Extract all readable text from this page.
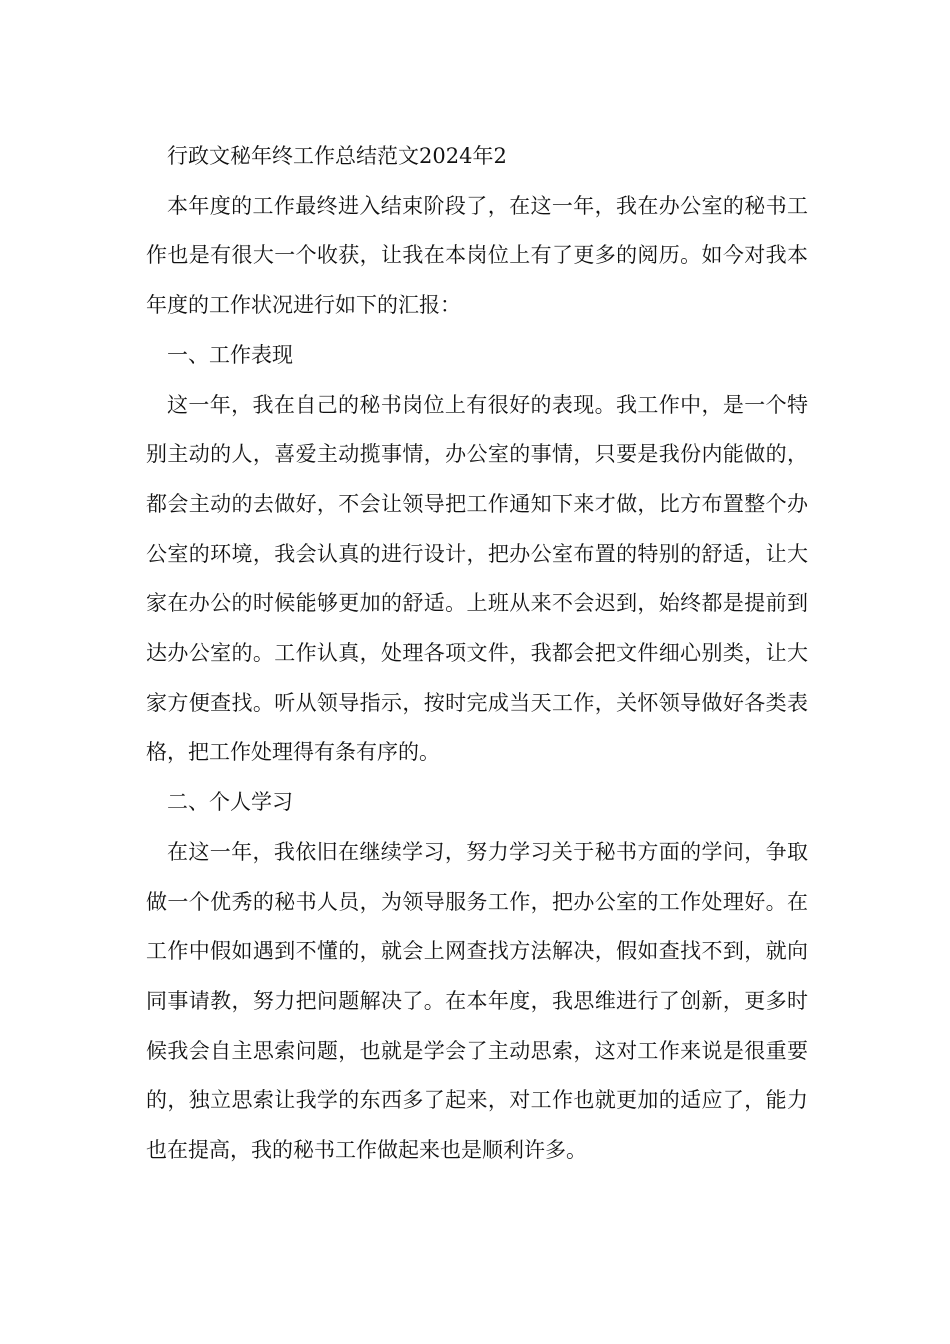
行政文秘年终工作总结范文2024年2

本年度的工作最终进入结束阶段了，在这一年，我在办公室的秘书工作也是有很大一个收获，让我在本岗位上有了更多的阅历。如今对我本年度的工作状况进行如下的汇报：

一、工作表现

这一年，我在自己的秘书岗位上有很好的表现。我工作中，是一个特别主动的人，喜爱主动揽事情，办公室的事情，只要是我份内能做的，都会主动的去做好，不会让领导把工作通知下来才做，比方布置整个办公室的环境，我会认真的进行设计，把办公室布置的特别的舒适，让大家在办公的时候能够更加的舒适。上班从来不会迟到，始终都是提前到达办公室的。工作认真，处理各项文件，我都会把文件细心别类，让大家方便查找。听从领导指示，按时完成当天工作，关怀领导做好各类表格，把工作处理得有条有序的。

二、个人学习

在这一年，我依旧在继续学习，努力学习关于秘书方面的学问，争取做一个优秀的秘书人员，为领导服务工作，把办公室的工作处理好。在工作中假如遇到不懂的，就会上网查找方法解决，假如查找不到，就向同事请教，努力把问题解决了。在本年度，我思维进行了创新，更多时候我会自主思索问题，也就是学会了主动思索，这对工作来说是很重要的，独立思索让我学的东西多了起来，对工作也就更加的适应了，能力也在提高，我的秘书工作做起来也是顺利许多。
